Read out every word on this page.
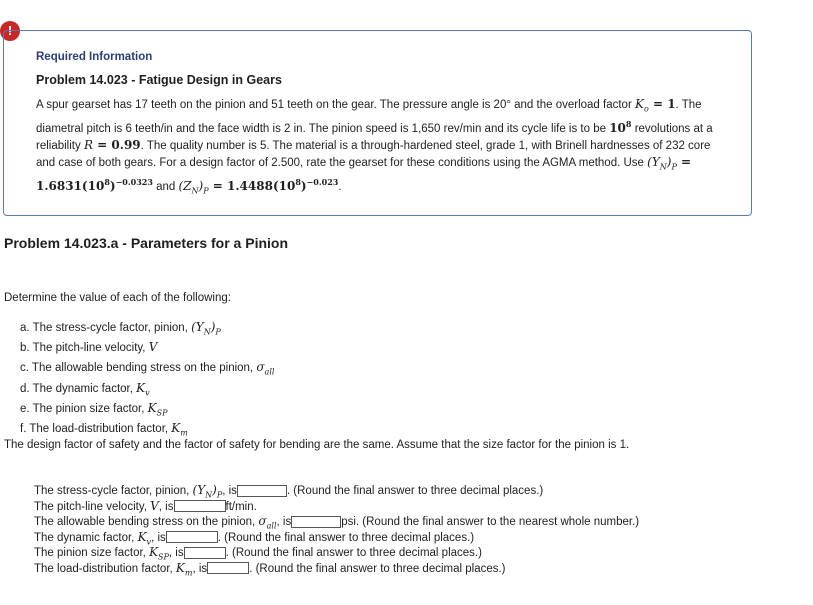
!
Required Information
Problem 14.023 - Fatigue Design in Gears
A spur gearset has 17 teeth on the pinion and 51 teeth on the gear. The pressure angle is 20° and the overload factor $K_o = 1$. The diametral pitch is 6 teeth/in and the face width is 2 in. The pinion speed is 1,650 rev/min and its cycle life is to be $10^8$ revolutions at a reliability R = 0.99. The quality number is 5. The material is a through-hardened steel, grade 1, with Brinell hardnesses of 232 core and case of both gears. For a design factor of 2.500, rate the gearset for these conditions using the AGMA method. Use $(Y_N)_P = 1.6831(10^8)^{-0.0323}$ and $(Z_N)_P = 1.4488(10^8)^{-0.023}$.
Problem 14.023.a - Parameters for a Pinion
Determine the value of each of the following:
a. The stress-cycle factor, pinion, $(Y_N)_P$
b. The pitch-line velocity, V
c. The allowable bending stress on the pinion, $\sigma_{all}$
d. The dynamic factor, $K_v$
e. The pinion size factor, $K_{SP}$
f. The load-distribution factor, $K_m$
The design factor of safety and the factor of safety for bending are the same. Assume that the size factor for the pinion is 1.
The stress-cycle factor, pinion, $(Y_N)_P$, is	. (Round the final answer to three decimal places.)
The pitch-line velocity, V, is	ft/min.
The allowable bending stress on the pinion, $\sigma_{all}$, is	psi. (Round the final answer to the nearest whole number.)
The dynamic factor, $K_v$, is	. (Round the final answer to three decimal places.)
The pinion size factor, $K_{SP}$, is	. (Round the final answer to three decimal places.)
The load-distribution factor, $K_m$, is	. (Round the final answer to three decimal places.)
